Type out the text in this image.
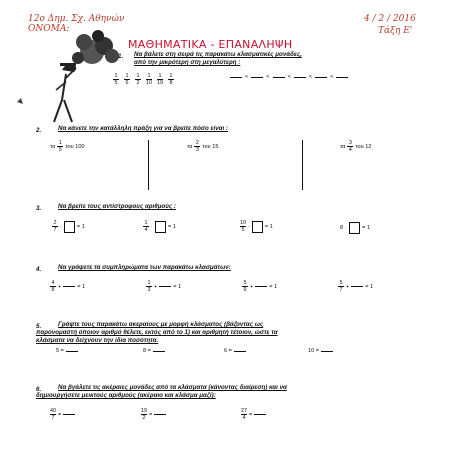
12ο Δημ. Σχ. Αθηνών
ΟΝΟΜΑ:
4 / 2 / 2016
Τάξη Ε'
ΜΑΘΗΜΑΤΙΚΑ - ΕΠΑΝΑΛΗΨΗ
1. Να βάλετε στη σειρά τις παρακάτω κλασματικές μονάδες,
από την μικρότερη στη μεγαλύτερη :
$\frac{1}{5} \frac{1}{6} \frac{1}{2} \frac{1}{10} \frac{1}{19} \frac{1}{8}$	<	<	<	<	<
2.	Να κάνετε την κατάλληλη πράξη για να βρείτε πόσο είναι :
τα $\frac{1}{5}$ του 100	τα $\frac{2}{3}$ του 15	τα $\frac{3}{4}$ του 12
3.	Να βρείτε τους αντίστροφους αριθμούς :
$\frac{2}{7}$ ·	= 1	$\frac{1}{4}$ ·	= 1	$\frac{10}{5}$ ·	= 1	8 ·	= 1
4.	Να γράψετε τα συμπληρώματα των παρακάτω κλασμάτων:
$\frac{4}{8}$ +	= 1	$\frac{1}{3}$ +	= 1	$\frac{5}{9}$ +	= 1	$\frac{5}{7}$ +	= 1
5.	Γράψτε τους παρακάτω ακεραίους με μορφή κλάσματος (βάζοντας ως
παρονομαστή όποιον αριθμό θέλετε, εκτός από το 1) και αριθμητή τέτοιον, ώστε τα
κλάσματα να δείχνουν την ίδια ποσότητα.
5 =	8 =	6 =	10 =
6.	Να βγάλετε τις ακέραιες μονάδες από τα κλάσματα (κάνοντας διαίρεση) και να
δημιουργήσετε μεικτούς αριθμούς (ακέραιο και κλάσμα μαζί):
$\frac{40}{7}$ =	$\frac{19}{2}$ =	$\frac{27}{4}$ =
